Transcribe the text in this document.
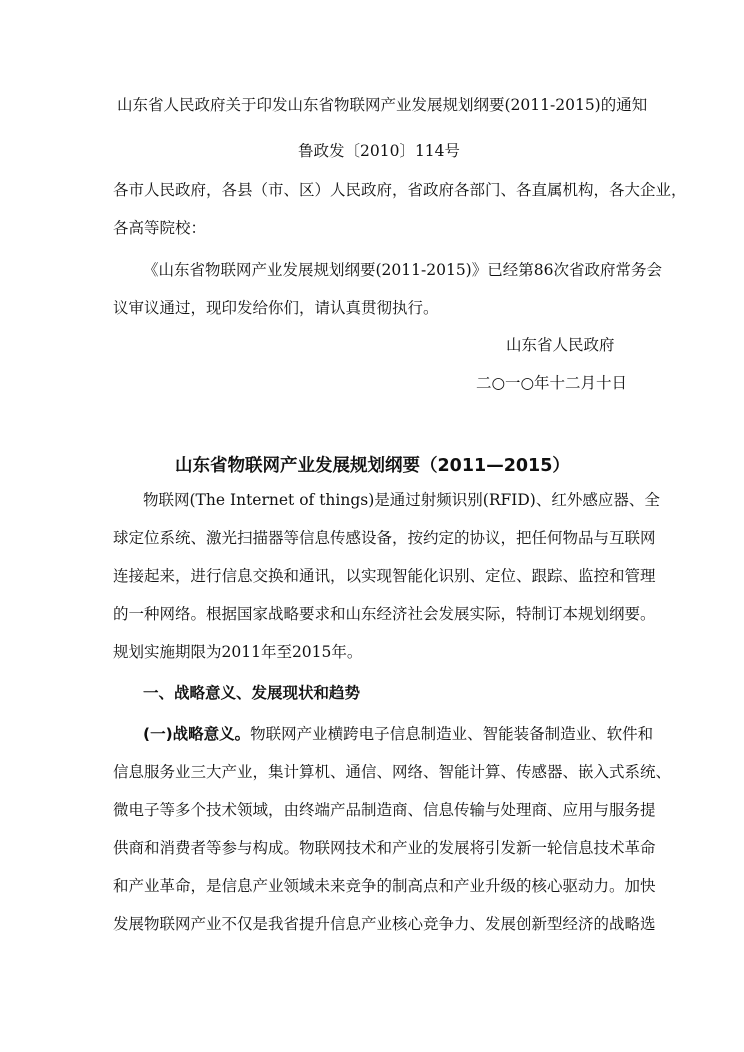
山东省人民政府关于印发山东省物联网产业发展规划纲要(2011-2015)的通知
鲁政发〔2010〕114号
各市人民政府，各县（市、区）人民政府，省政府各部门、各直属机构，各大企业，
各高等院校：
《山东省物联网产业发展规划纲要(2011-2015)》已经第86次省政府常务会
议审议通过，现印发给你们，请认真贯彻执行。
山东省人民政府
二○一○年十二月十日
山东省物联网产业发展规划纲要（2011—2015）
物联网(The Internet of things)是通过射频识别(RFID)、红外感应器、全
球定位系统、激光扫描器等信息传感设备，按约定的协议，把任何物品与互联网
连接起来，进行信息交换和通讯，以实现智能化识别、定位、跟踪、监控和管理
的一种网络。根据国家战略要求和山东经济社会发展实际，特制订本规划纲要。
规划实施期限为2011年至2015年。
一、战略意义、发展现状和趋势
(一)战略意义。物联网产业横跨电子信息制造业、智能装备制造业、软件和
信息服务业三大产业，集计算机、通信、网络、智能计算、传感器、嵌入式系统、
微电子等多个技术领域，由终端产品制造商、信息传输与处理商、应用与服务提
供商和消费者等参与构成。物联网技术和产业的发展将引发新一轮信息技术革命
和产业革命，是信息产业领域未来竞争的制高点和产业升级的核心驱动力。加快
发展物联网产业不仅是我省提升信息产业核心竞争力、发展创新型经济的战略选
